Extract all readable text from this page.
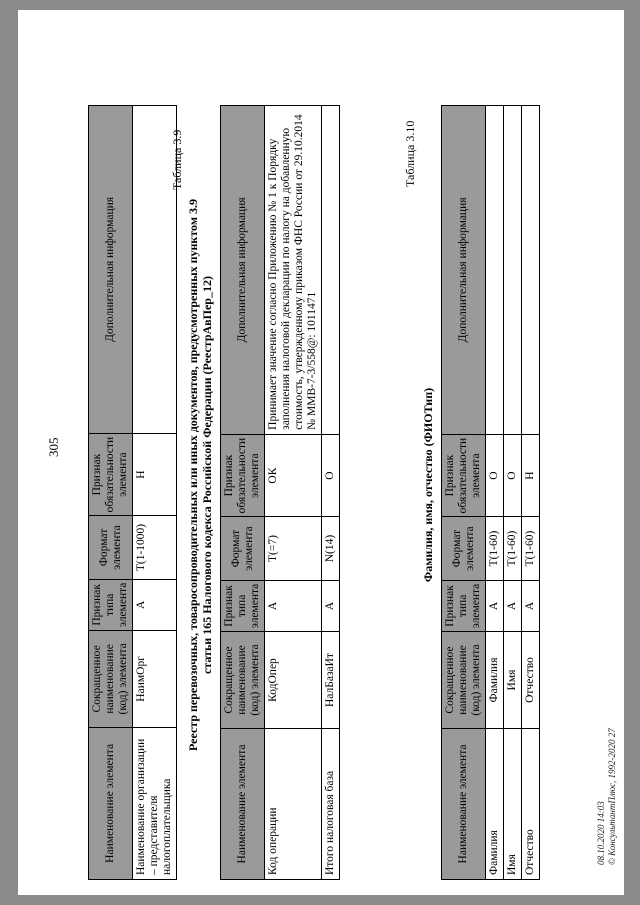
305
Наименование элемента	Сокращенное наименование (код) элемента	Признак типа элемента	Формат элемента	Признак обязательности элемента	Дополнительная информация
Наименование организации – представителя налогоплательщика	НаимОрг	А	Т(1-1000)	Н	
Таблица 3.9
Реестр перевозочных, товаросопроводительных или иных документов, предусмотренных пунктом 3.9 статьи 165 Налогового кодекса Российской Федерации (РеестрАвПер_12)
Наименование элемента	Сокращенное наименование (код) элемента	Признак типа элемента	Формат элемента	Признак обязательности элемента	Дополнительная информация
Код операции	КодОпер	А	Т(=7)	ОК	Принимает значение согласно Приложению № 1 к Порядку заполнения налоговой декларации по налогу на добавленную стоимость, утвержденному приказом ФНС России от 29.10.2014 № ММВ-7-3/558@: 1011471
Итого налоговая база	НалБазаИт	А	N(14)	О	
Таблица 3.10
Фамилия, имя, отчество (ФИОТип)
Наименование элемента	Сокращенное наименование (код) элемента	Признак типа элемента	Формат элемента	Признак обязательности элемента	Дополнительная информация
Фамилия	Фамилия	А	Т(1-60)	О	
Имя	Имя	А	Т(1-60)	О	
Отчество	Отчество	А	Т(1-60)	Н	
08.10.2020 14:03 © КонсультантПлюс, 1992-2020 27
